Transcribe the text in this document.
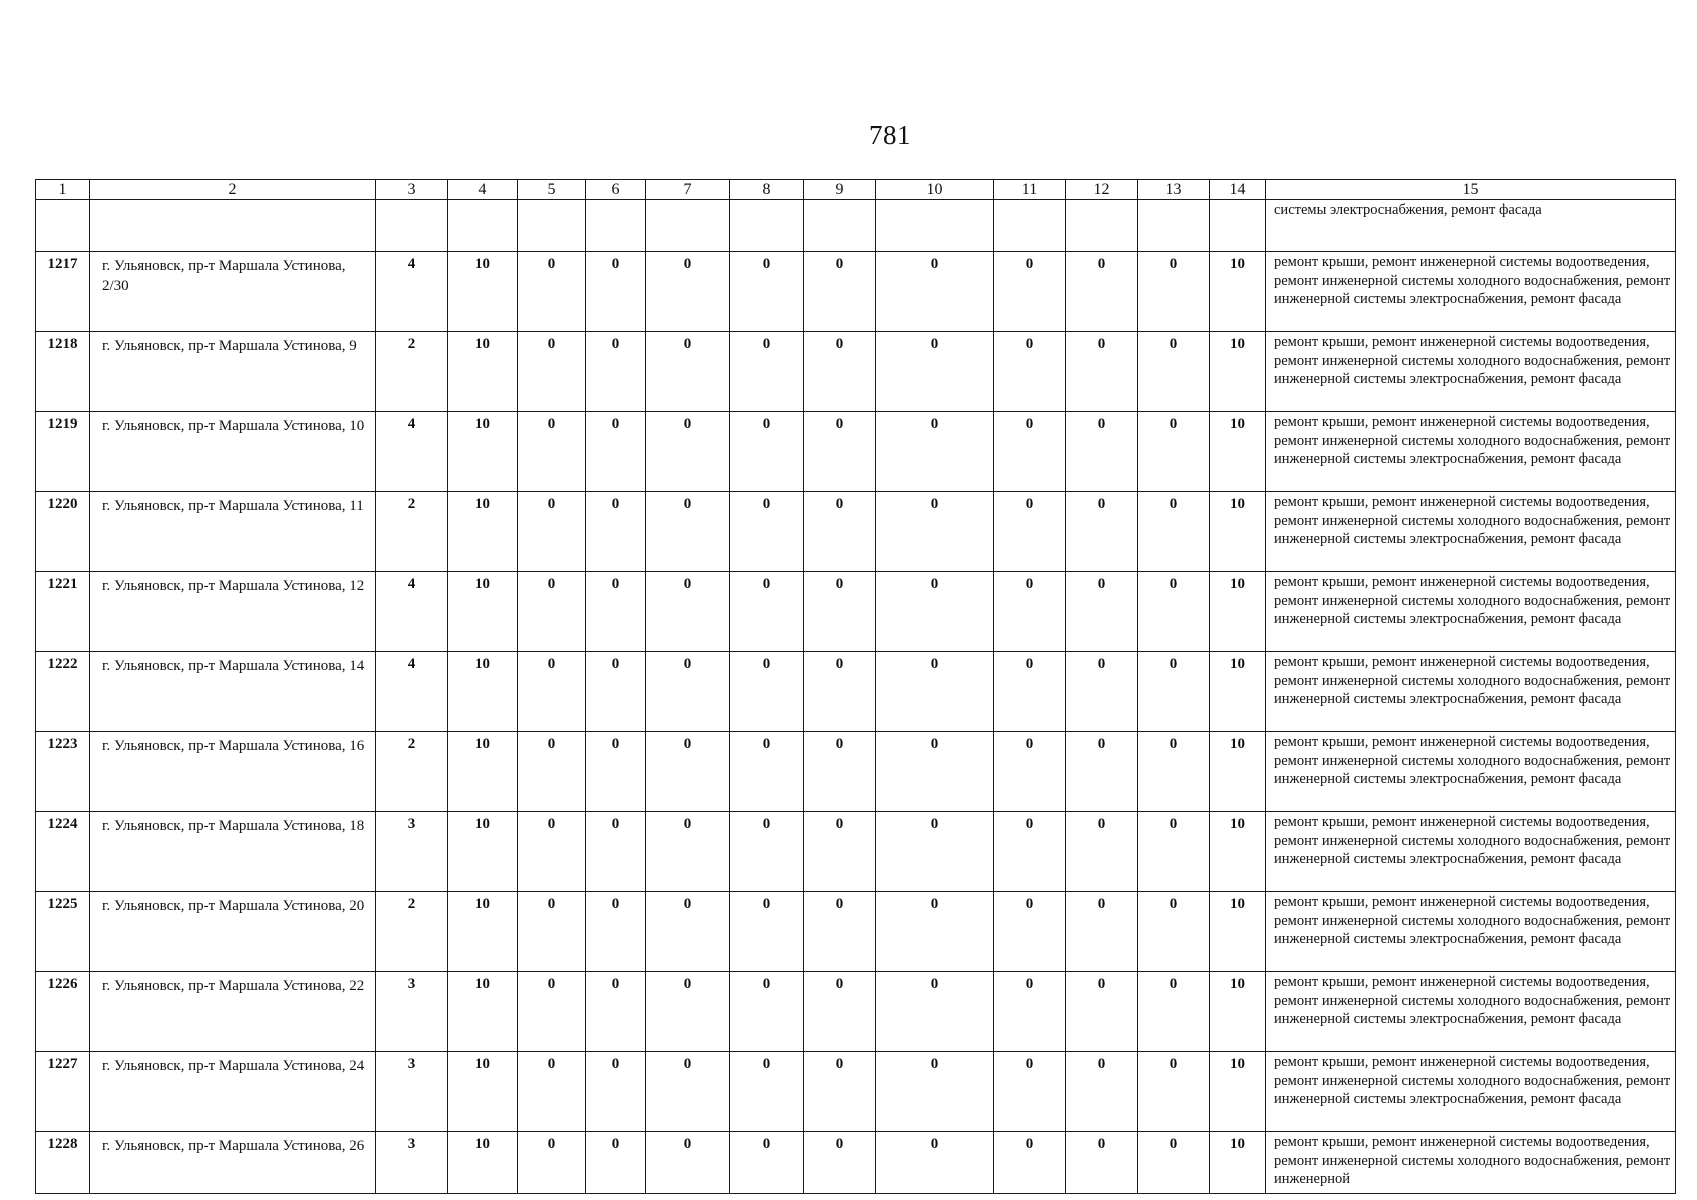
781
1	2	3	4	5	6	7	8	9	10	11	12	13	14	15
														системы электроснабжения, ремонт фасада
1217	г. Ульяновск, пр-т Маршала Устинова, 2/30	4	10	0	0	0	0	0	0	0	0	0	10	ремонт крыши, ремонт инженерной системы водоотведения, ремонт инженерной системы холодного водоснабжения, ремонт инженерной системы электроснабжения, ремонт фасада
1218	г. Ульяновск, пр-т Маршала Устинова, 9	2	10	0	0	0	0	0	0	0	0	0	10	ремонт крыши, ремонт инженерной системы водоотведения, ремонт инженерной системы холодного водоснабжения, ремонт инженерной системы электроснабжения, ремонт фасада
1219	г. Ульяновск, пр-т Маршала Устинова, 10	4	10	0	0	0	0	0	0	0	0	0	10	ремонт крыши, ремонт инженерной системы водоотведения, ремонт инженерной системы холодного водоснабжения, ремонт инженерной системы электроснабжения, ремонт фасада
1220	г. Ульяновск, пр-т Маршала Устинова, 11	2	10	0	0	0	0	0	0	0	0	0	10	ремонт крыши, ремонт инженерной системы водоотведения, ремонт инженерной системы холодного водоснабжения, ремонт инженерной системы электроснабжения, ремонт фасада
1221	г. Ульяновск, пр-т Маршала Устинова, 12	4	10	0	0	0	0	0	0	0	0	0	10	ремонт крыши, ремонт инженерной системы водоотведения, ремонт инженерной системы холодного водоснабжения, ремонт инженерной системы электроснабжения, ремонт фасада
1222	г. Ульяновск, пр-т Маршала Устинова, 14	4	10	0	0	0	0	0	0	0	0	0	10	ремонт крыши, ремонт инженерной системы водоотведения, ремонт инженерной системы холодного водоснабжения, ремонт инженерной системы электроснабжения, ремонт фасада
1223	г. Ульяновск, пр-т Маршала Устинова, 16	2	10	0	0	0	0	0	0	0	0	0	10	ремонт крыши, ремонт инженерной системы водоотведения, ремонт инженерной системы холодного водоснабжения, ремонт инженерной системы электроснабжения, ремонт фасада
1224	г. Ульяновск, пр-т Маршала Устинова, 18	3	10	0	0	0	0	0	0	0	0	0	10	ремонт крыши, ремонт инженерной системы водоотведения, ремонт инженерной системы холодного водоснабжения, ремонт инженерной системы электроснабжения, ремонт фасада
1225	г. Ульяновск, пр-т Маршала Устинова, 20	2	10	0	0	0	0	0	0	0	0	0	10	ремонт крыши, ремонт инженерной системы водоотведения, ремонт инженерной системы холодного водоснабжения, ремонт инженерной системы электроснабжения, ремонт фасада
1226	г. Ульяновск, пр-т Маршала Устинова, 22	3	10	0	0	0	0	0	0	0	0	0	10	ремонт крыши, ремонт инженерной системы водоотведения, ремонт инженерной системы холодного водоснабжения, ремонт инженерной системы электроснабжения, ремонт фасада
1227	г. Ульяновск, пр-т Маршала Устинова, 24	3	10	0	0	0	0	0	0	0	0	0	10	ремонт крыши, ремонт инженерной системы водоотведения, ремонт инженерной системы холодного водоснабжения, ремонт инженерной системы электроснабжения, ремонт фасада
1228	г. Ульяновск, пр-т Маршала Устинова, 26	3	10	0	0	0	0	0	0	0	0	0	10	ремонт крыши, ремонт инженерной системы водоотведения, ремонт инженерной системы холодного водоснабжения, ремонт инженерной
